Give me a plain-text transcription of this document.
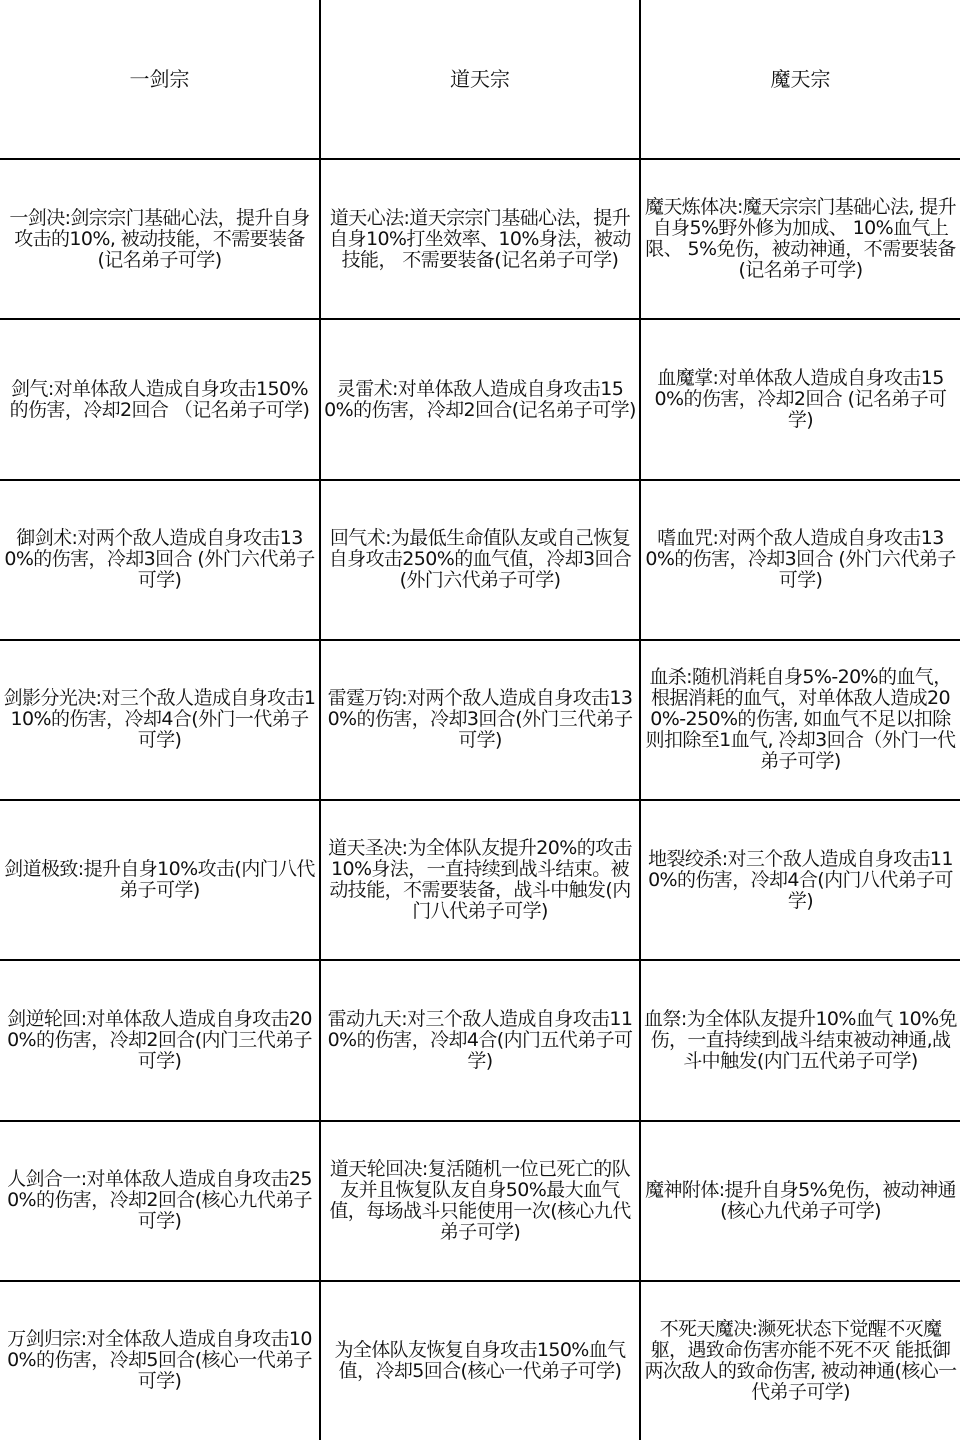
一剑宗	道天宗	魔天宗
一剑决:剑宗宗门基础心法，提升自身攻击的10%, 被动技能，不需要装备(记名弟子可学)	道天心法:道天宗宗门基础心法，提升自身10%打坐效率、10%身法，被动技能， 不需要装备(记名弟子可学)	魔天炼体决:魔天宗宗门基础心法, 提升自身5%野外修为加成、 10%血气上限、 5%免伤，被动神通，不需要装备(记名弟子可学)
剑气:对单体敌人造成自身攻击150%的伤害，冷却2回合 （记名弟子可学)	灵雷术:对单体敌人造成自身攻击150%的伤害，冷却2回合(记名弟子可学)	血魔掌:对单体敌人造成自身攻击150%的伤害，冷却2回合 (记名弟子可学)
御剑术:对两个敌人造成自身攻击130%的伤害，冷却3回合 (外门六代弟子可学)	回气术:为最低生命值队友或自己恢复自身攻击250%的血气值，冷却3回合 (外门六代弟子可学)	嗜血咒:对两个敌人造成自身攻击130%的伤害，冷却3回合 (外门六代弟子可学)
剑影分光决:对三个敌人造成自身攻击110%的伤害，冷却4合(外门一代弟子可学)	雷霆万钧:对两个敌人造成自身攻击130%的伤害，冷却3回合(外门三代弟子可学)	血杀:随机消耗自身5%-20%的血气，根据消耗的血气，对单体敌人造成200%-250%的伤害, 如血气不足以扣除则扣除至1血气, 冷却3回合（外门一代弟子可学)
剑道极致:提升自身10%攻击(内门八代弟子可学)	道天圣决:为全体队友提升20%的攻击10%身法，一直持续到战斗结束。被动技能，不需要装备，战斗中触发(内门八代弟子可学)	地裂绞杀:对三个敌人造成自身攻击110%的伤害，冷却4合(内门八代弟子可学)
剑逆轮回:对单体敌人造成自身攻击200%的伤害，冷却2回合(内门三代弟子可学)	雷动九天:对三个敌人造成自身攻击110%的伤害，冷却4合(内门五代弟子可学)	血祭:为全体队友提升10%血气 10%免伤，一直持续到战斗结束被动神通,战斗中触发(内门五代弟子可学)
人剑合一:对单体敌人造成自身攻击250%的伤害，冷却2回合(核心九代弟子可学)	道天轮回决:复活随机一位已死亡的队友并且恢复队友自身50%最大血气值，每场战斗只能使用一次(核心九代弟子可学)	魔神附体:提升自身5%免伤，被动神通(核心九代弟子可学)
万剑归宗:对全体敌人造成自身攻击100%的伤害，冷却5回合(核心一代弟子可学)	为全体队友恢复自身攻击150%血气值，冷却5回合(核心一代弟子可学)	不死天魔决:濒死状态下觉醒不灭魔躯，遇致命伤害亦能不死不灭 能抵御两次敌人的致命伤害, 被动神通(核心一代弟子可学)
